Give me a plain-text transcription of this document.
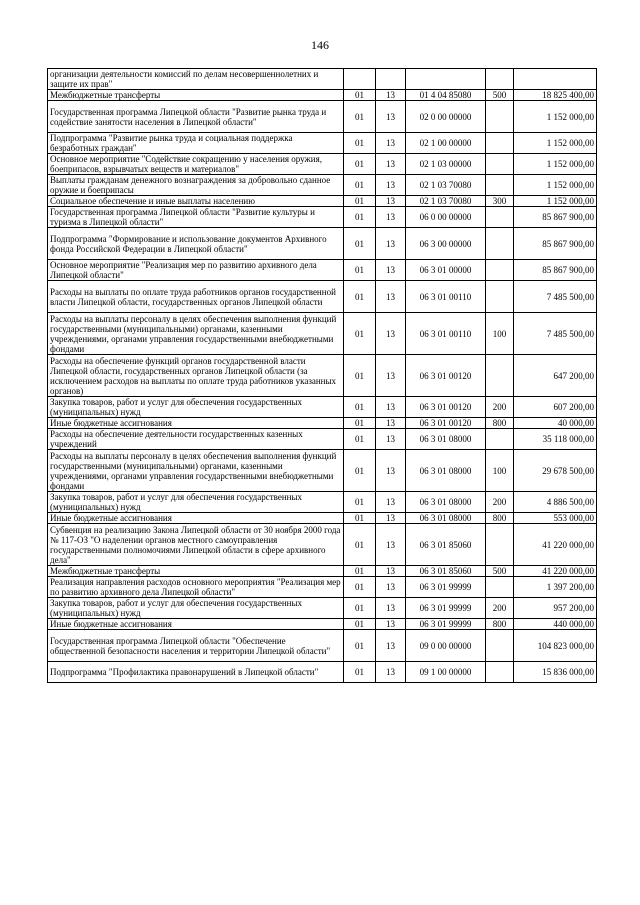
146
организации деятельности комиссий по делам несовершеннолетних и защите их прав"					
Межбюджетные трансферты	01	13	01 4 04 85080	500	18 825 400,00
Государственная программа Липецкой области "Развитие рынка труда и содействие занятости населения в Липецкой области"	01	13	02 0 00 00000		1 152 000,00
Подпрограмма "Развитие рынка труда и социальная поддержка безработных граждан"	01	13	02 1 00 00000		1 152 000,00
Основное мероприятие "Содействие сокращению у населения оружия, боеприпасов, взрывчатых веществ и материалов"	01	13	02 1 03 00000		1 152 000,00
Выплаты гражданам денежного вознаграждения за добровольно сданное оружие и боеприпасы	01	13	02 1 03 70080		1 152 000,00
Социальное обеспечение и иные выплаты населению	01	13	02 1 03 70080	300	1 152 000,00
Государственная программа Липецкой области "Развитие культуры и туризма в Липецкой области"	01	13	06 0 00 00000		85 867 900,00
Подпрограмма "Формирование и использование документов Архивного фонда Российской Федерации в Липецкой области"	01	13	06 3 00 00000		85 867 900,00
Основное мероприятие "Реализация мер по развитию архивного дела Липецкой области"	01	13	06 3 01 00000		85 867 900,00
Расходы на выплаты по оплате труда работников органов государственной власти Липецкой области, государственных органов Липецкой области	01	13	06 3 01 00110		7 485 500,00
Расходы на выплаты персоналу в целях обеспечения выполнения функций государственными (муниципальными) органами, казенными учреждениями, органами управления государственными внебюджетными фондами	01	13	06 3 01 00110	100	7 485 500,00
Расходы на обеспечение функций органов государственной власти Липецкой области, государственных органов Липецкой области (за исключением расходов на выплаты по оплате труда работников указанных органов)	01	13	06 3 01 00120		647 200,00
Закупка товаров, работ и услуг для обеспечения государственных (муниципальных) нужд	01	13	06 3 01 00120	200	607 200,00
Иные бюджетные ассигнования	01	13	06 3 01 00120	800	40 000,00
Расходы на обеспечение деятельности государственных казенных учреждений	01	13	06 3 01 08000		35 118 000,00
Расходы на выплаты персоналу в целях обеспечения выполнения функций государственными (муниципальными) органами, казенными учреждениями, органами управления государственными внебюджетными фондами	01	13	06 3 01 08000	100	29 678 500,00
Закупка товаров, работ и услуг для обеспечения государственных (муниципальных) нужд	01	13	06 3 01 08000	200	4 886 500,00
Иные бюджетные ассигнования	01	13	06 3 01 08000	800	553 000,00
Субвенция на реализацию Закона Липецкой области от 30 ноября 2000 года № 117-ОЗ "О наделении органов местного самоуправления государственными полномочиями Липецкой области в сфере архивного дела"	01	13	06 3 01 85060		41 220 000,00
Межбюджетные трансферты	01	13	06 3 01 85060	500	41 220 000,00
Реализация направления расходов основного мероприятия "Реализация мер по развитию архивного дела Липецкой области"	01	13	06 3 01 99999		1 397 200,00
Закупка товаров, работ и услуг для обеспечения государственных (муниципальных) нужд	01	13	06 3 01 99999	200	957 200,00
Иные бюджетные ассигнования	01	13	06 3 01 99999	800	440 000,00
Государственная программа Липецкой области "Обеспечение общественной безопасности населения и территории Липецкой области"	01	13	09 0 00 00000		104 823 000,00
Подпрограмма "Профилактика правонарушений в Липецкой области"	01	13	09 1 00 00000		15 836 000,00
